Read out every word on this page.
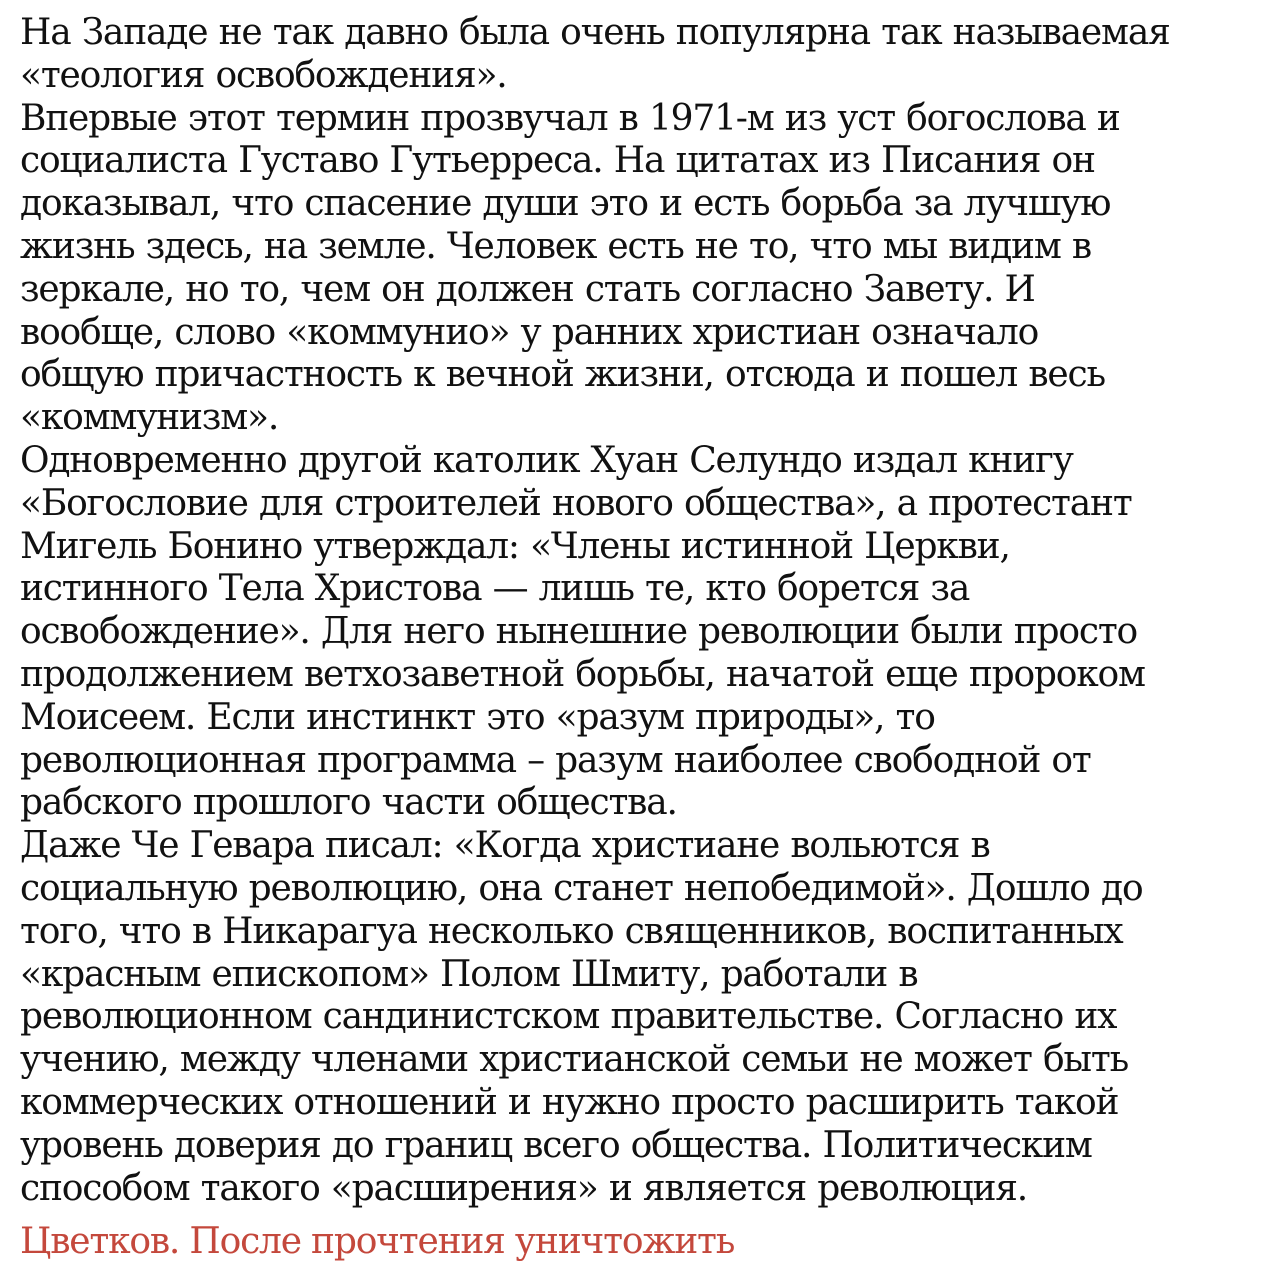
На Западе не так давно была очень популярна так называемая
«теология освобождения».
Впервые этот термин прозвучал в 1971-м из уст богослова и
социалиста Густаво Гутьерреса. На цитатах из Писания он
доказывал, что спасение души это и есть борьба за лучшую
жизнь здесь, на земле. Человек есть не то, что мы видим в
зеркале, но то, чем он должен стать согласно Завету. И
вообще, слово «коммунио» у ранних христиан означало
общую причастность к вечной жизни, отсюда и пошел весь
«коммунизм».
Одновременно другой католик Хуан Селундо издал книгу
«Богословие для строителей нового общества», а протестант
Мигель Бонино утверждал: «Члены истинной Церкви,
истинного Тела Христова — лишь те, кто борется за
освобождение». Для него нынешние революции были просто
продолжением ветхозаветной борьбы, начатой еще пророком
Моисеем. Если инстинкт это «разум природы», то
революционная программа – разум наиболее свободной от
рабского прошлого части общества.
Даже Че Гевара писал: «Когда христиане вольются в
социальную революцию, она станет непобедимой». Дошло до
того, что в Никарагуа несколько священников, воспитанных
«красным епископом» Полом Шмиту, работали в
революционном сандинистском правительстве. Согласно их
учению, между членами христианской семьи не может быть
коммерческих отношений и нужно просто расширить такой
уровень доверия до границ всего общества. Политическим
способом такого «расширения» и является революция.
Цветков. После прочтения уничтожить
